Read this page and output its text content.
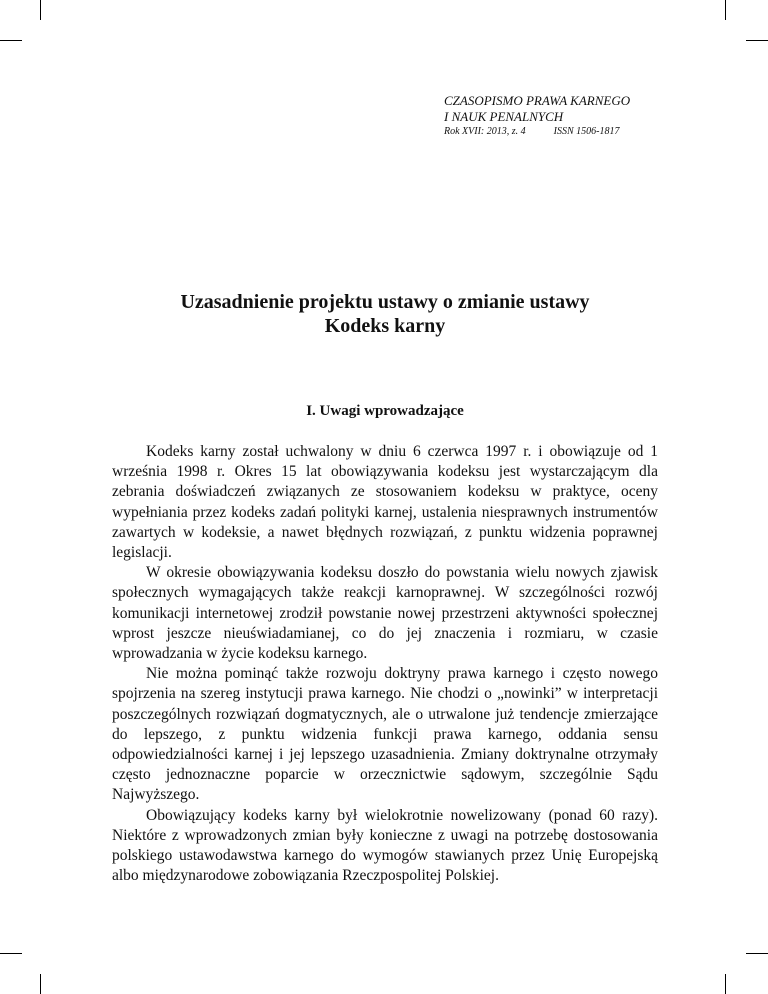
CZASOPISMO PRAWA KARNEGO
I NAUK PENALNYCH
Rok XVII: 2013, z. 4	ISSN 1506-1817
Uzasadnienie projektu ustawy o zmianie ustawy
Kodeks karny
I. Uwagi wprowadzające

Kodeks karny został uchwalony w dniu 6 czerwca 1997 r. i obowiązuje od 1 września 1998 r. Okres 15 lat obowiązywania kodeksu jest wystarczającym dla zebrania doświadczeń związanych ze stosowaniem kodeksu w praktyce, oceny wypełniania przez kodeks zadań polityki karnej, ustalenia niesprawnych instrumentów zawartych w kodeksie, a nawet błędnych rozwiązań, z punktu widzenia poprawnej legislacji.

W okresie obowiązywania kodeksu doszło do powstania wielu nowych zjawisk społecznych wymagających także reakcji karnoprawnej. W szczególności rozwój komunikacji internetowej zrodził powstanie nowej przestrzeni aktywności społecznej wprost jeszcze nieuświadamianej, co do jej znaczenia i rozmiaru, w czasie wprowadzania w życie kodeksu karnego.

Nie można pominąć także rozwoju doktryny prawa karnego i często nowego spojrzenia na szereg instytucji prawa karnego. Nie chodzi o „nowinki” w interpretacji poszczególnych rozwiązań dogmatycznych, ale o utrwalone już tendencje zmierzające do lepszego, z punktu widzenia funkcji prawa karnego, oddania sensu odpowiedzialności karnej i jej lepszego uzasadnienia. Zmiany doktrynalne otrzymały często jednoznaczne poparcie w orzecznictwie sądowym, szczególnie Sądu Najwyższego.

Obowiązujący kodeks karny był wielokrotnie nowelizowany (ponad 60 razy). Niektóre z wprowadzonych zmian były konieczne z uwagi na potrzebę dostosowania polskiego ustawodawstwa karnego do wymogów stawianych przez Unię Europejską albo międzynarodowe zobowiązania Rzeczpospolitej Polskiej.
